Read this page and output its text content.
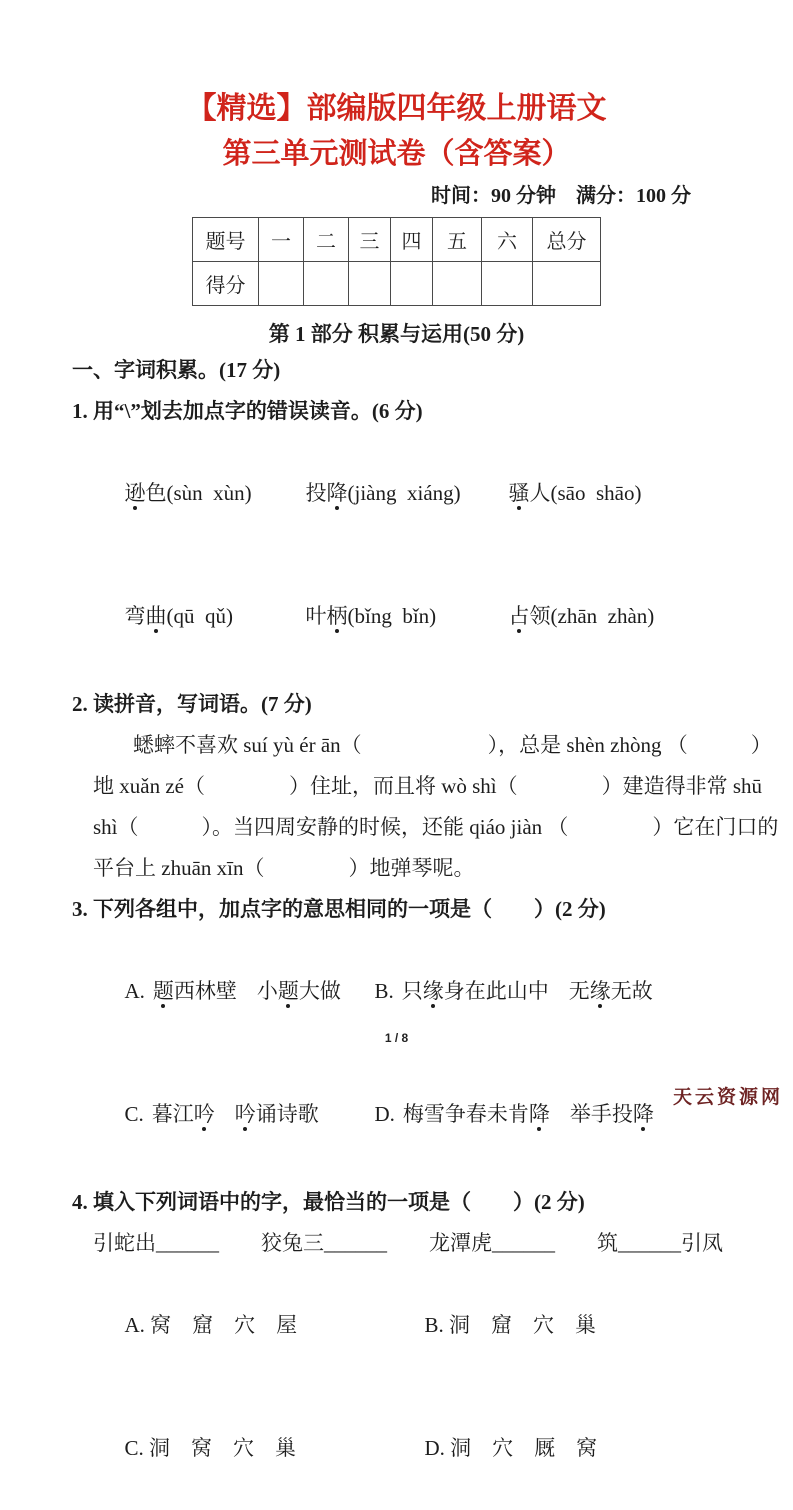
【精选】部编版四年级上册语文
第三单元测试卷（含答案）
时间：90 分钟　满分：100 分
题号	一	二	三	四	五	六	总分
得分							
第 1 部分 积累与运用(50 分)
一、字词积累。(17 分)
1. 用“\”划去加点字的错误读音。(6 分)

逊色(sùn  xùn)	投降(jiàng  xiáng) 骚人(sāo  shāo)

弯曲(qū  qǔ)	叶柄(bǐng  bǐn)	占领(zhān  zhàn)

2. 读拼音，写词语。(7 分)
蟋蟀不喜欢 suí yù ér ān（　　　　　　），总是 shèn zhòng （　　　）
地 xuǎn zé（　　　　）住址，而且将 wò shì（　　　　）建造得非常 shū
shì（　　　）。当四周安静的时候，还能 qiáo jiàn （　　　　）它在门口的
平台上 zhuān xīn（　　　　）地弹琴呢。
3. 下列各组中，加点字的意思相同的一项是（　　）(2 分)

A. 题西林壁 小题大做 B. 只缘身在此山中 无缘无故

C. 暮江吟 吟诵诗歌	D. 梅雪争春未肯降 举手投降

4. 填入下列词语中的字，最恰当的一项是（　　）(2 分)
引蛇出______　　狡兔三______　　龙潭虎______　　筑______引凤

A. 窝　窟　穴　屋	B. 洞　窟　穴　巢

C. 洞　窝　穴　巢	D. 洞　穴　厩　窝

1 / 8
天云资源网
